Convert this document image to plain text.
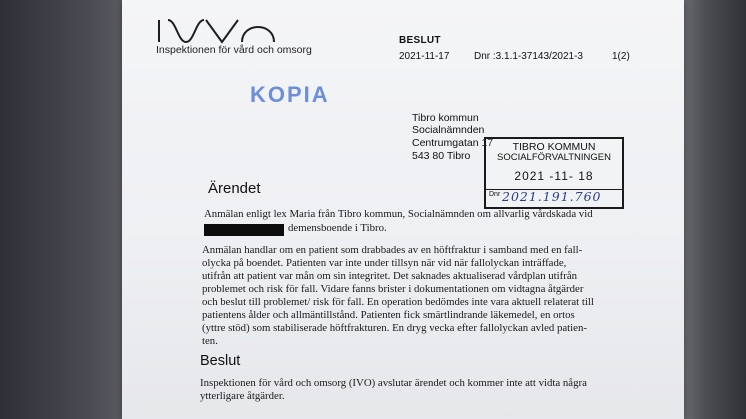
Inspektionen för vård och omsorg
BESLUT
2021-11-17 Dnr :3.1.1-37143/2021-3	1(2)
KOPIA
Tibro kommun
Socialnämnden
Centrumgatan 17
543 80 Tibro
TIBRO KOMMUN
SOCIALFÖRVALTNINGEN
2021 -11- 18
Dnr 2021.191.760
Ärendet
Anmälan enligt lex Maria från Tibro kommun, Socialnämnden om allvarlig vårdskada vid
demensboende i Tibro.
Anmälan handlar om en patient som drabbades av en höftfraktur i samband med en fall-
olycka på boendet. Patienten var inte under tillsyn när vid när fallolyckan inträffade,
utifrån att patient var mån om sin integritet. Det saknades aktualiserad vårdplan utifrån
problemet och risk för fall. Vidare fanns brister i dokumentationen om vidtagna åtgärder
och beslut till problemet/ risk för fall. En operation bedömdes inte vara aktuell relaterat till
patientens ålder och allmäntillstånd. Patienten fick smärtlindrande läkemedel, en ortos
(yttre stöd) som stabiliserade höftfrakturen. En dryg vecka efter fallolyckan avled patien-
ten.
Beslut
Inspektionen för vård och omsorg (IVO) avslutar ärendet och kommer inte att vidta några
ytterligare åtgärder.
